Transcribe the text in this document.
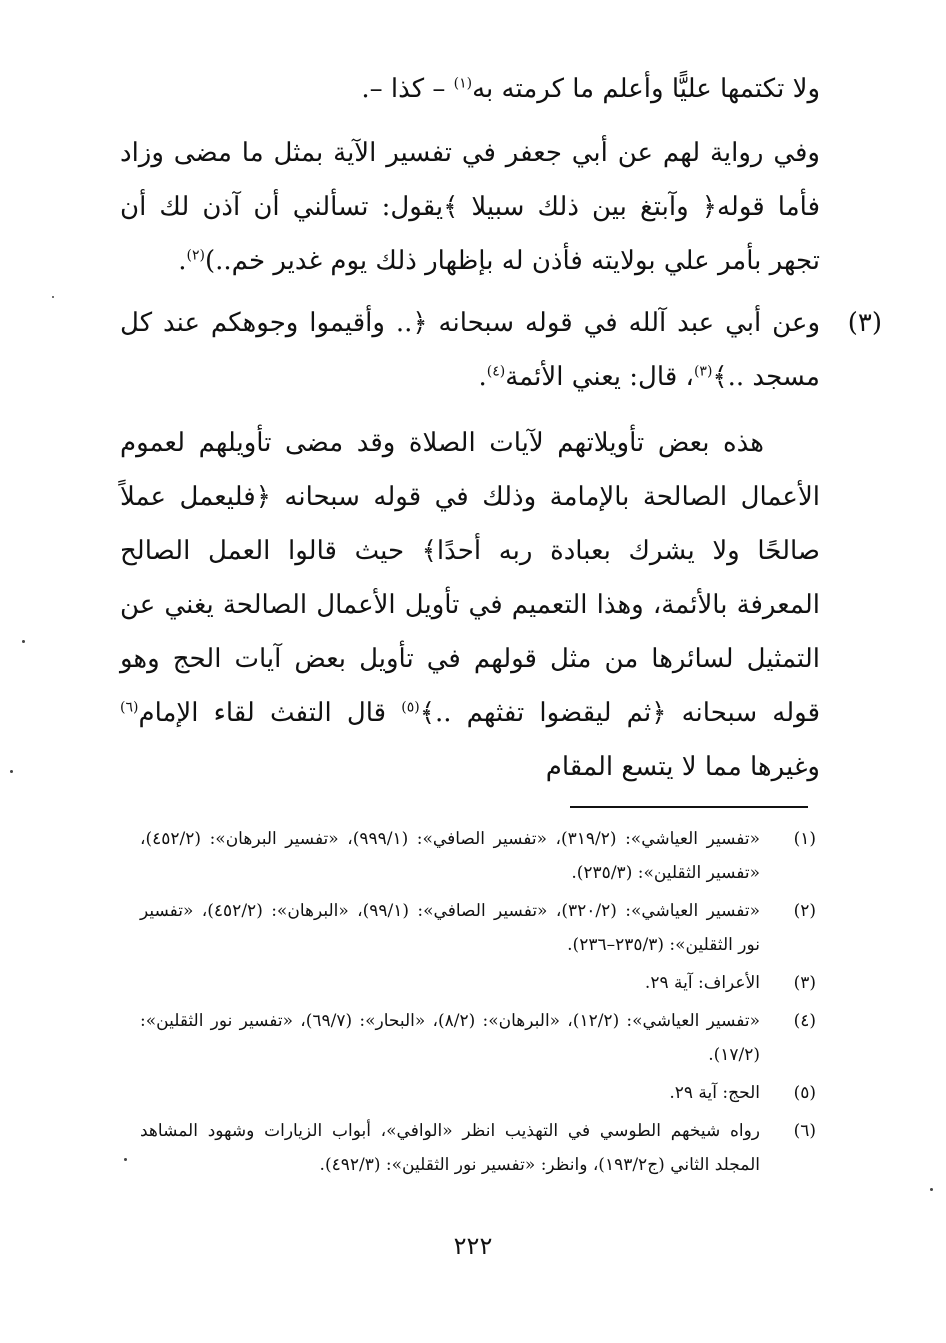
ولا تكتمها عليًّا وأعلم ما كرمته به$^{(١)}$ – كذا –.

وفي رواية لهم عن أبي جعفر في تفسير الآية بمثل ما مضى وزاد فأما قوله﴿ وآبتغ بين ذلك سبيلا ﴾يقول: تسألني أن آذن لك أن تجهر بأمر علي بولايته فأذن له بإظهار ذلك يوم غدير خم..)$^{(٢)}$.

(٣)

وعن أبي عبد آلله في قوله سبحانه ﴿.. وأقيموا وجوهكم عند كل مسجد ..﴾$^{(٣)}$، قال: يعني الأئمة$^{(٤)}$.

هذه بعض تأويلاتهم لآيات الصلاة وقد مضى تأويلهم لعموم الأعمال الصالحة بالإمامة وذلك في قوله سبحانه ﴿فليعمل عملاً صالحًا ولا يشرك بعبادة ربه أحدًا﴾ حيث قالوا العمل الصالح المعرفة بالأئمة، وهذا التعميم في تأويل الأعمال الصالحة يغني عن التمثيل لسائرها من مثل قولهم في تأويل بعض آيات الحج وهو قوله سبحانه ﴿ثم ليقضوا تفثهم ..﴾$^{(٥)}$ قال التفث لقاء الإمام$^{(٦)}$ وغيرها مما لا يتسع المقام

(١)
«تفسير العياشي»: (٣١٩/٢)، «تفسير الصافي»: (٩٩٩/١)، «تفسير البرهان»: (٤٥٢/٢)، «تفسير الثقلين»: (٢٣٥/٣).
(٢)
«تفسير العياشي»: (٣٢٠/٢)، «تفسير الصافي»: (٩٩/١)، «البرهان»: (٤٥٢/٢)، «تفسير نور الثقلين»: (٢٣٥/٣–٢٣٦).
(٣)
الأعراف: آية ٢٩.
(٤)
«تفسير العياشي»: (١٢/٢)، «البرهان»: (٨/٢)، «البحار»: (٦٩/٧)، «تفسير نور الثقلين»: (١٧/٢).
(٥)
الحج: آية ٢٩.
(٦)
رواه شيخهم الطوسي في التهذيب انظر «الوافي»، أبواب الزيارات وشهود المشاهد المجلد الثاني (ج١٩٣/٢)، وانظر: «تفسير نور الثقلين»: (٤٩٢/٣).
٢٢٢
